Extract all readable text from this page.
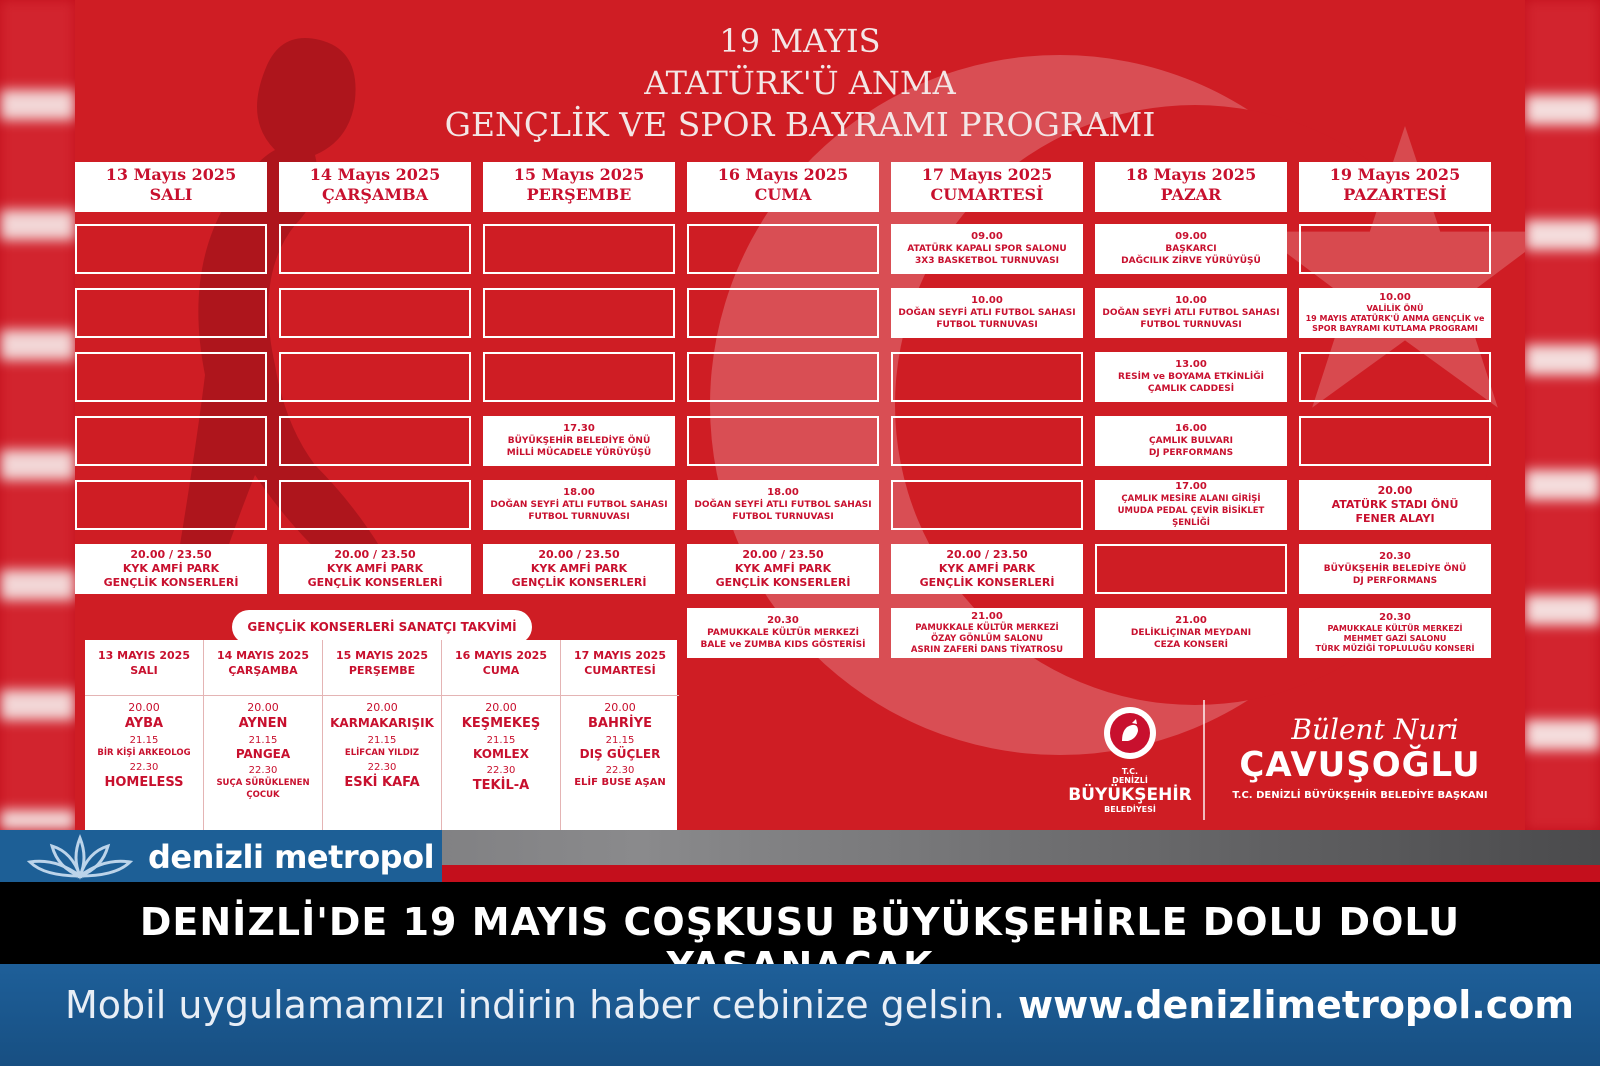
19 MAYIS
ATATÜRK'Ü ANMA
GENÇLİK VE SPOR BAYRAMI PROGRAMI
13 Mayıs 2025
SALI
14 Mayıs 2025
ÇARŞAMBA
15 Mayıs 2025
PERŞEMBE
16 Mayıs 2025
CUMA
17 Mayıs 2025
CUMARTESİ
18 Mayıs 2025
PAZAR
19 Mayıs 2025
PAZARTESİ
09.00
ATATÜRK KAPALI SPOR SALONU
3X3 BASKETBOL TURNUVASI
09.00
BAŞKARCI
DAĞCILIK ZİRVE YÜRÜYÜŞÜ
10.00
DOĞAN SEYFİ ATLI FUTBOL SAHASI
FUTBOL TURNUVASI
10.00
DOĞAN SEYFİ ATLI FUTBOL SAHASI
FUTBOL TURNUVASI
10.00
VALİLİK ÖNÜ
19 MAYIS ATATÜRK'Ü ANMA GENÇLİK ve
SPOR BAYRAMI KUTLAMA PROGRAMI
13.00
RESİM ve BOYAMA ETKİNLİĞİ
ÇAMLIK CADDESİ
17.30
BÜYÜKŞEHİR BELEDİYE ÖNÜ
MİLLİ MÜCADELE YÜRÜYÜŞÜ
16.00
ÇAMLIK BULVARI
DJ PERFORMANS
18.00
DOĞAN SEYFİ ATLI FUTBOL SAHASI
FUTBOL TURNUVASI
18.00
DOĞAN SEYFİ ATLI FUTBOL SAHASI
FUTBOL TURNUVASI
17.00
ÇAMLIK MESİRE ALANI GİRİŞİ
UMUDA PEDAL ÇEVİR BİSİKLET ŞENLİĞİ
20.00
ATATÜRK STADI ÖNÜ
FENER ALAYI
20.00 / 23.50
KYK AMFİ PARK
GENÇLİK KONSERLERİ
20.00 / 23.50
KYK AMFİ PARK
GENÇLİK KONSERLERİ
20.00 / 23.50
KYK AMFİ PARK
GENÇLİK KONSERLERİ
20.00 / 23.50
KYK AMFİ PARK
GENÇLİK KONSERLERİ
20.00 / 23.50
KYK AMFİ PARK
GENÇLİK KONSERLERİ
20.30
BÜYÜKŞEHİR BELEDİYE ÖNÜ
DJ PERFORMANS
20.30
PAMUKKALE KÜLTÜR MERKEZİ
BALE ve ZUMBA KIDS GÖSTERİSİ
21.00
PAMUKKALE KÜLTÜR MERKEZİ
ÖZAY GÖNLÜM SALONU
ASRIN ZAFERİ DANS TİYATROSU
21.00
DELİKLİÇINAR MEYDANI
CEZA KONSERİ
20.30
PAMUKKALE KÜLTÜR MERKEZİ
MEHMET GAZİ SALONU
TÜRK MÜZİĞİ TOPLULUĞU KONSERİ
GENÇLİK KONSERLERİ SANATÇI TAKVİMİ
13 MAYIS 2025
SALI
20.00
AYBA
21.15
BİR KİŞİ ARKEOLOG
22.30
HOMELESS
14 MAYIS 2025
ÇARŞAMBA
20.00
AYNEN
21.15
PANGEA
22.30
SUÇA SÜRÜKLENEN ÇOCUK
15 MAYIS 2025
PERŞEMBE
20.00
KARMAKARIŞIK
21.15
ELİFCAN YILDIZ
22.30
ESKİ KAFA
16 MAYIS 2025
CUMA
20.00
KEŞMEKEŞ
21.15
KOMLEX
22.30
TEKİL-A
17 MAYIS 2025
CUMARTESİ
20.00
BAHRİYE
21.15
DIŞ GÜÇLER
22.30
ELİF BUSE AŞAN
T.C.
DENİZLİ
BÜYÜKŞEHİR
BELEDİYESİ
Bülent Nuri
ÇAVUŞOĞLU
T.C. DENİZLİ BÜYÜKŞEHİR BELEDİYE BAŞKANI
denizli metropol
DENİZLİ'DE 19 MAYIS COŞKUSU BÜYÜKŞEHİRLE DOLU DOLU
Mobil uygulamamızı indirin haber cebinize gelsin. www.denizlimetropol.com
